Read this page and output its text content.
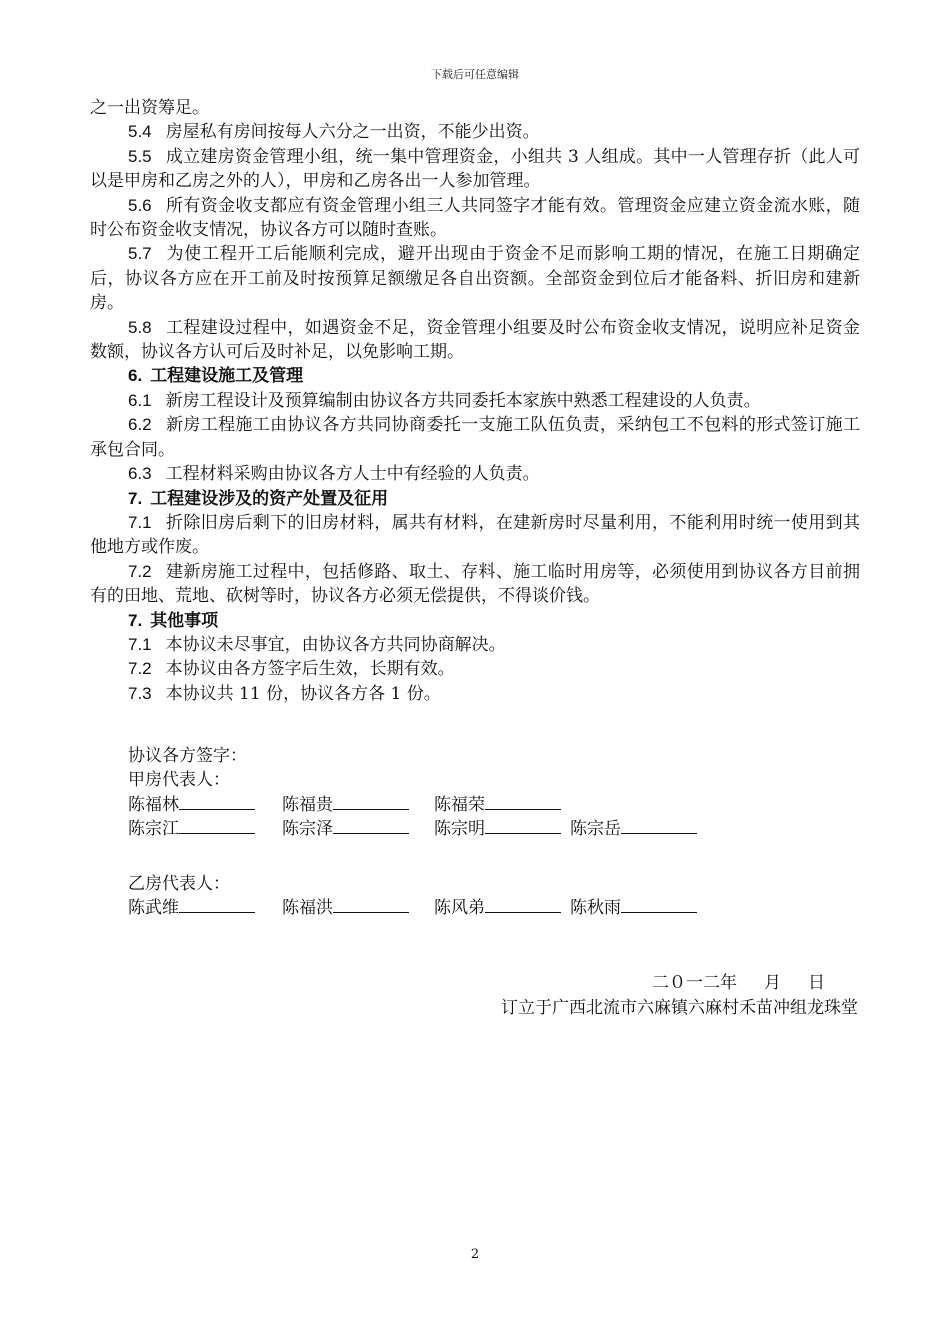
下载后可任意编辑

之一出资筹足。

5.4 房屋私有房间按每人六分之一出资，不能少出资。

5.5 成立建房资金管理小组，统一集中管理资金，小组共 3 人组成。其中一人管理存折（此人可以是甲房和乙房之外的人），甲房和乙房各出一人参加管理。

5.6 所有资金收支都应有资金管理小组三人共同签字才能有效。管理资金应建立资金流水账，随时公布资金收支情况，协议各方可以随时查账。

5.7 为使工程开工后能顺利完成，避开出现由于资金不足而影响工期的情况，在施工日期确定后，协议各方应在开工前及时按预算足额缴足各自出资额。全部资金到位后才能备料、折旧房和建新房。

5.8 工程建设过程中，如遇资金不足，资金管理小组要及时公布资金收支情况，说明应补足资金数额，协议各方认可后及时补足，以免影响工期。

6. 工程建设施工及管理

6.1 新房工程设计及预算编制由协议各方共同委托本家族中熟悉工程建设的人负责。

6.2 新房工程施工由协议各方共同协商委托一支施工队伍负责，采纳包工不包料的形式签订施工承包合同。

6.3 工程材料采购由协议各方人士中有经验的人负责。

7. 工程建设涉及的资产处置及征用

7.1 折除旧房后剩下的旧房材料，属共有材料，在建新房时尽量利用，不能利用时统一使用到其他地方或作废。

7.2 建新房施工过程中，包括修路、取土、存料、施工临时用房等，必须使用到协议各方目前拥有的田地、荒地、砍树等时，协议各方必须无偿提供，不得谈价钱。

7. 其他事项

7.1 本协议未尽事宜，由协议各方共同协商解决。

7.2 本协议由各方签字后生效，长期有效。

7.3 本协议共 11 份，协议各方各 1 份。

协议各方签字：
甲房代表人：
陈福林	陈福贵	陈福荣
陈宗江	陈宗泽	陈宗明	陈宗岳
乙房代表人：
陈武维	陈福洪	陈风弟	陈秋雨
二０一二年     月     日
订立于广西北流市六麻镇六麻村禾苗冲组龙珠堂
2
